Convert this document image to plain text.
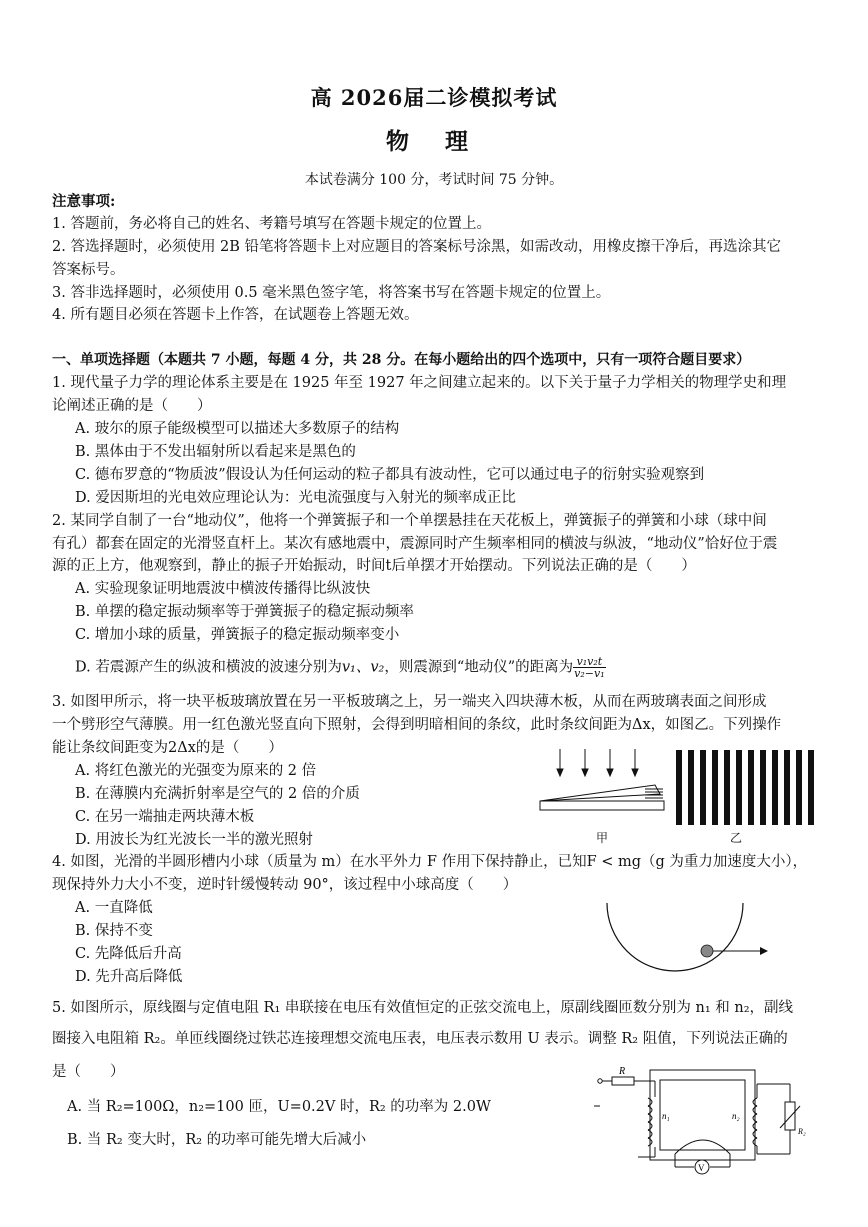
高 2026届二诊模拟考试
物 理
本试卷满分 100 分，考试时间 75 分钟。
注意事项:
1. 答题前，务必将自己的姓名、考籍号填写在答题卡规定的位置上。
2. 答选择题时，必须使用 2B 铅笔将答题卡上对应题目的答案标号涂黑，如需改动，用橡皮擦干净后，再选涂其它
答案标号。
3. 答非选择题时，必须使用 0.5 毫米黑色签字笔，将答案书写在答题卡规定的位置上。
4. 所有题目必须在答题卡上作答，在试题卷上答题无效。
一、单项选择题（本题共 7 小题，每题 4 分，共 28 分。在每小题给出的四个选项中，只有一项符合题目要求）
1. 现代量子力学的理论体系主要是在 1925 年至 1927 年之间建立起来的。以下关于量子力学相关的物理学史和理
论阐述正确的是（　　）
A. 玻尔的原子能级模型可以描述大多数原子的结构
B. 黑体由于不发出辐射所以看起来是黑色的
C. 德布罗意的“物质波”假设认为任何运动的粒子都具有波动性，它可以通过电子的衍射实验观察到
D. 爱因斯坦的光电效应理论认为：光电流强度与入射光的频率成正比
2. 某同学自制了一台“地动仪”，他将一个弹簧振子和一个单摆悬挂在天花板上，弹簧振子的弹簧和小球（球中间
有孔）都套在固定的光滑竖直杆上。某次有感地震中，震源同时产生频率相同的横波与纵波，“地动仪”恰好位于震
源的正上方，他观察到，静止的振子开始振动，时间t后单摆才开始摆动。下列说法正确的是（　　）
A. 实验现象证明地震波中横波传播得比纵波快
B. 单摆的稳定振动频率等于弹簧振子的稳定振动频率
C. 增加小球的质量，弹簧振子的稳定振动频率变小
D. 若震源产生的纵波和横波的波速分别为v₁、v₂，则震源到“地动仪”的距离为 $\frac{\text{v₁v₂t}}{\text{v₂−v₁}}$
3. 如图甲所示，将一块平板玻璃放置在另一平板玻璃之上，另一端夹入四块薄木板，从而在两玻璃表面之间形成
一个劈形空气薄膜。用一红色激光竖直向下照射，会得到明暗相间的条纹，此时条纹间距为Δx，如图乙。下列操作
能让条纹间距变为2Δx的是（　　）
A. 将红色激光的光强变为原来的 2 倍
B. 在薄膜内充满折射率是空气的 2 倍的介质
C. 在另一端抽走两块薄木板
D. 用波长为红光波长一半的激光照射	甲	乙
4. 如图，光滑的半圆形槽内小球（质量为 m）在水平外力 F 作用下保持静止，已知F < mg（g 为重力加速度大小），
现保持外力大小不变，逆时针缓慢转动 90°，该过程中小球高度（　　）
A. 一直降低
B. 保持不变
C. 先降低后升高
D. 先升高后降低
5. 如图所示，原线圈与定值电阻 R₁ 串联接在电压有效值恒定的正弦交流电上，原副线圈匝数分别为 n₁ 和 n₂，副线
圈接入电阻箱 R₂。单匝线圈绕过铁芯连接理想交流电压表，电压表示数用 U 表示。调整 R₂ 阻值，下列说法正确的
是（　　）
A. 当 R₂=100Ω，n₂=100 匝，U=0.2V 时，R₂ 的功率为 2.0W
B. 当 R₂ 变大时，R₂ 的功率可能先增大后减小
R
n₁	n₂
R₂
V
